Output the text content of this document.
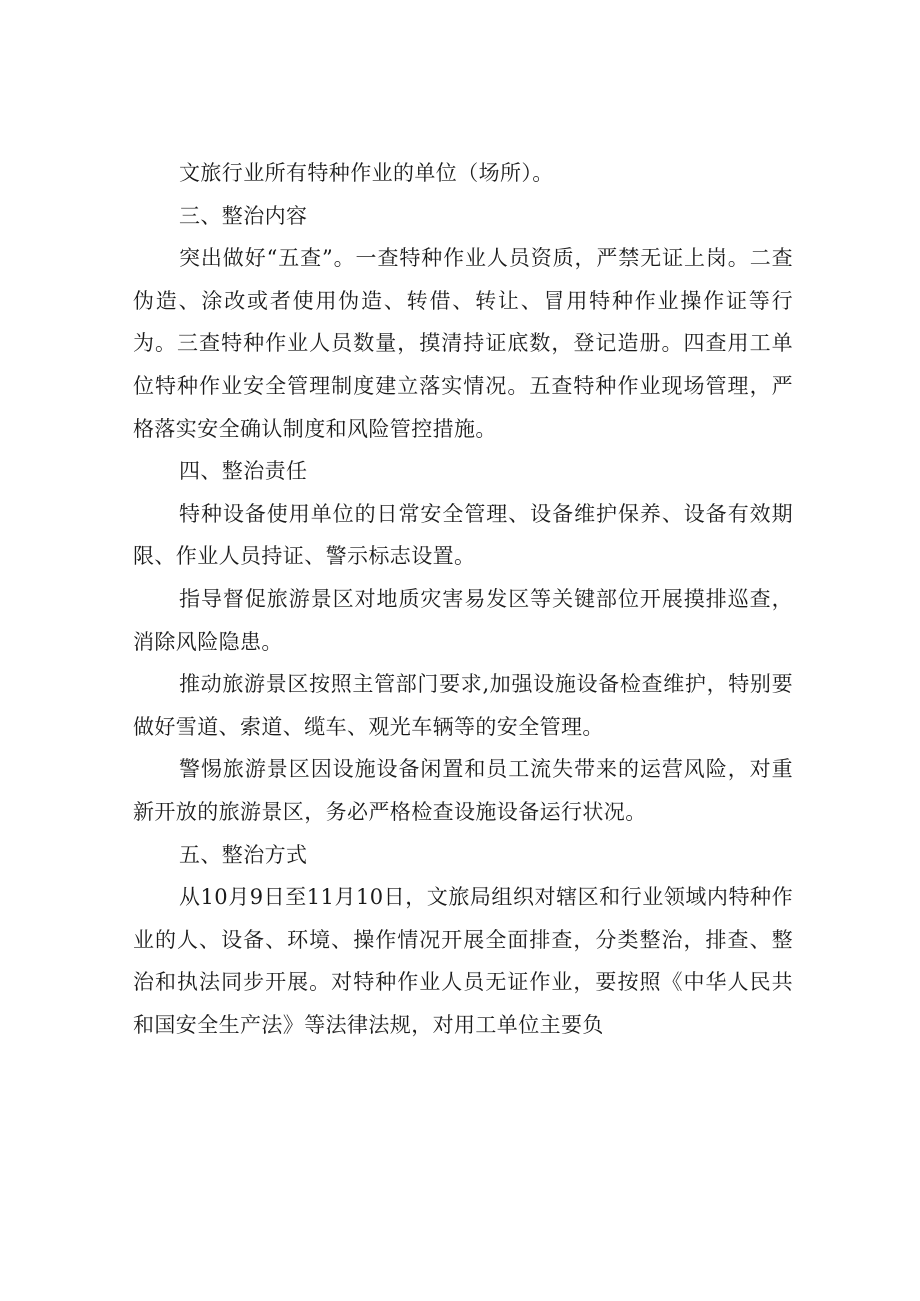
文旅行业所有特种作业的单位（场所）。

三、整治内容

突出做好“五查”。一查特种作业人员资质，严禁无证上岗。二查伪造、涂改或者使用伪造、转借、转让、冒用特种作业操作证等行为。三查特种作业人员数量，摸清持证底数，登记造册。四查用工单位特种作业安全管理制度建立落实情况。五查特种作业现场管理，严格落实安全确认制度和风险管控措施。

四、整治责任

特种设备使用单位的日常安全管理、设备维护保养、设备有效期限、作业人员持证、警示标志设置。

指导督促旅游景区对地质灾害易发区等关键部位开展摸排巡查，消除风险隐患。

推动旅游景区按照主管部门要求,加强设施设备检查维护，特别要做好雪道、索道、缆车、观光车辆等的安全管理。

警惕旅游景区因设施设备闲置和员工流失带来的运营风险，对重新开放的旅游景区，务必严格检查设施设备运行状况。

五、整治方式

从10月9日至11月10日，文旅局组织对辖区和行业领域内特种作业的人、设备、环境、操作情况开展全面排查，分类整治，排查、整治和执法同步开展。对特种作业人员无证作业，要按照《中华人民共和国安全生产法》等法律法规，对用工单位主要负
